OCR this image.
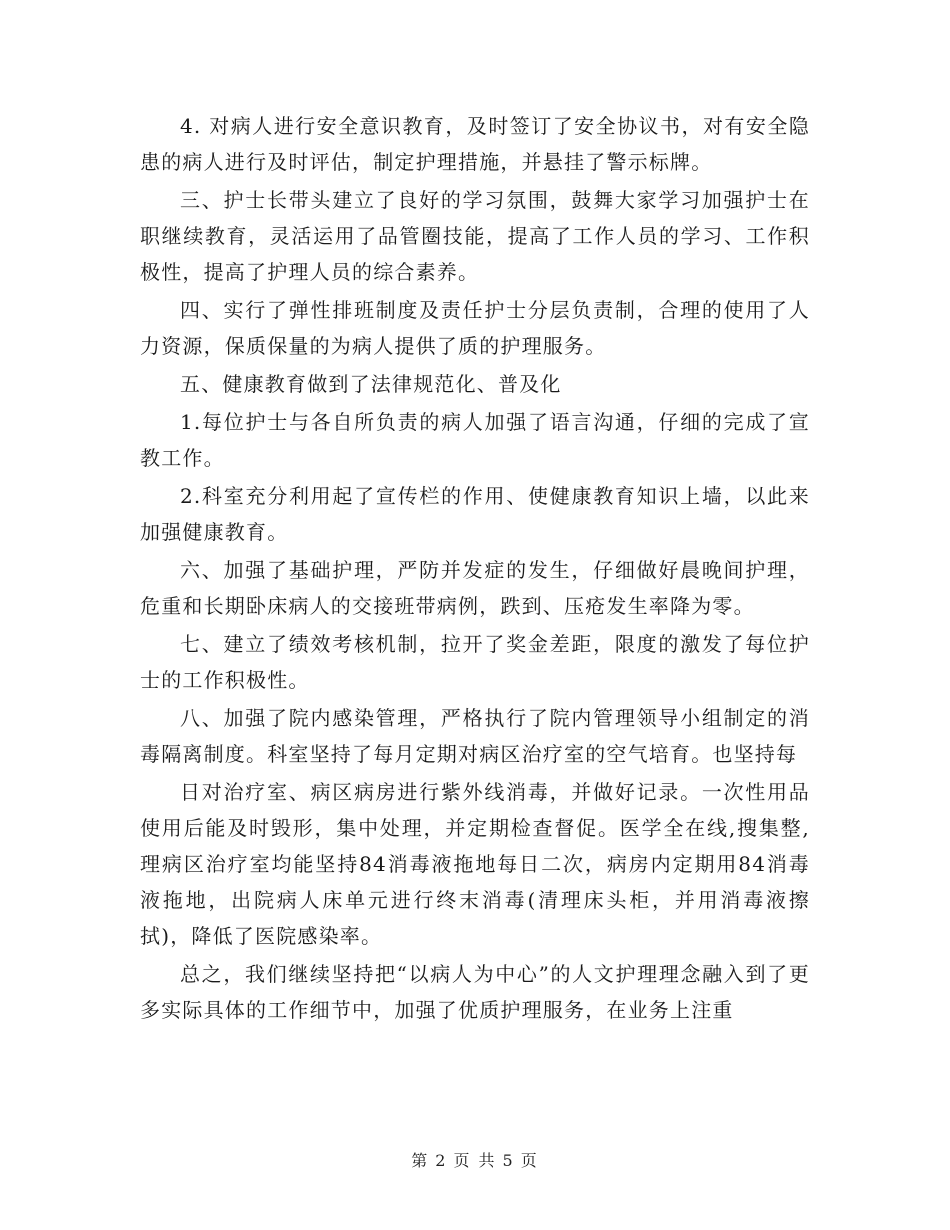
4. 对病人进行安全意识教育，及时签订了安全协议书，对有安全隐患的病人进行及时评估，制定护理措施，并悬挂了警示标牌。

三、护士长带头建立了良好的学习氛围，鼓舞大家学习加强护士在职继续教育，灵活运用了品管圈技能，提高了工作人员的学习、工作积极性，提高了护理人员的综合素养。

四、实行了弹性排班制度及责任护士分层负责制，合理的使用了人力资源，保质保量的为病人提供了质的护理服务。

五、健康教育做到了法律规范化、普及化

1.每位护士与各自所负责的病人加强了语言沟通，仔细的完成了宣教工作。

2.科室充分利用起了宣传栏的作用、使健康教育知识上墙，以此来加强健康教育。

六、加强了基础护理，严防并发症的发生，仔细做好晨晚间护理，危重和长期卧床病人的交接班带病例，跌到、压疮发生率降为零。

七、建立了绩效考核机制，拉开了奖金差距，限度的激发了每位护士的工作积极性。

八、加强了院内感染管理，严格执行了院内管理领导小组制定的消毒隔离制度。科室坚持了每月定期对病区治疗室的空气培育。也坚持每

日对治疗室、病区病房进行紫外线消毒，并做好记录。一次性用品使用后能及时毁形，集中处理，并定期检查督促。医学全在线,搜集整,理病区治疗室均能坚持84消毒液拖地每日二次，病房内定期用84消毒液拖地，出院病人床单元进行终末消毒(清理床头柜，并用消毒液擦拭)，降低了医院感染率。

总之，我们继续坚持把“以病人为中心”的人文护理理念融入到了更多实际具体的工作细节中，加强了优质护理服务，在业务上注重

第 2 页 共 5 页
